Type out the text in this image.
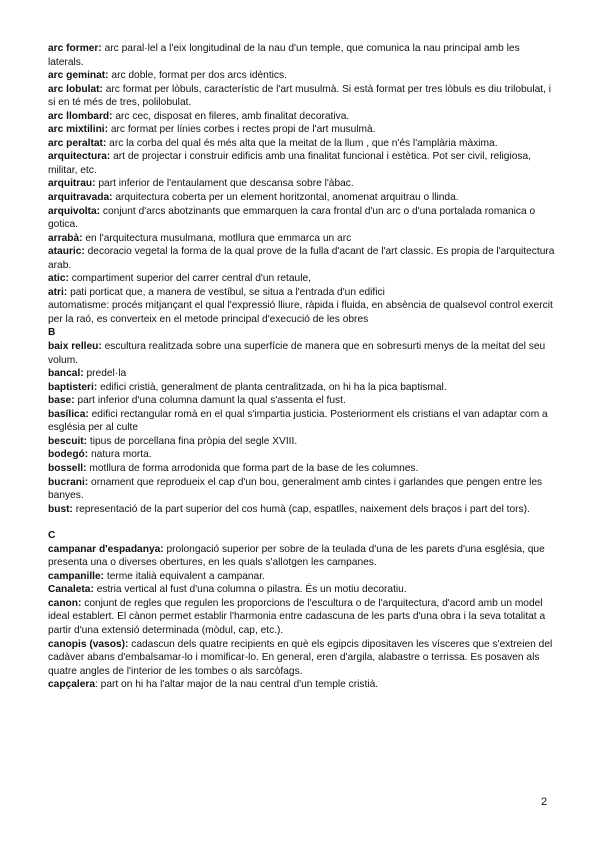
arc former: arc paral·lel a l'eix longitudinal de la nau d'un temple, que comunica la nau principal amb les laterals.

arc geminat: arc doble, format per dos arcs idèntics.

arc lobulat: arc format per lòbuls, característic de l'art musulmà. Si està format per tres lòbuls es diu trilobulat, i si en té més de tres, polilobulat.

arc llombard: arc cec, disposat en fileres, amb finalitat decorativa.

arc mixtilini: arc format per línies corbes i rectes propi de l'art musulmà.

arc peraltat: arc la corba del qual és més alta que la meitat de la llum , que n'és l'amplària màxima.

arquitectura: art de projectar i construir edificis amb una finalitat funcional i estètica. Pot ser civil, religiosa, militar, etc.

arquitrau: part inferior de l'entaulament que descansa sobre l'àbac.

arquitravada: arquitectura coberta per un element horitzontal, anomenat arquitrau o llinda.

arquivolta: conjunt d'arcs abotzinants que emmarquen la cara frontal d'un arc o d'una portalada romanica o gotica.

arrabà: en l'arquitectura musulmana, motllura que emmarca un arc

atauric: decoracio vegetal la forma de la qual prove de la fulla d'acant de l'art classic. Es propia de l'arquitectura arab.

atic: compartiment superior del carrer central d'un retaule,

atri: pati porticat que, a manera de vestíbul, se situa a l'entrada d'un edifici

automatisme: procés mitjançant el qual l'expressió lliure, ràpida i fluida, en absència de qualsevol control exercit per la raó, es converteix en el metode principal d'execució de les obres

B

baix relleu: escultura realitzada sobre una superfície de manera que en sobresurti menys de la meitat del seu volum.

bancal: predel·la

baptisteri: edifici cristià, generalment de planta centralitzada, on hi ha la pica baptismal.

base: part inferior d'una columna damunt la qual s'assenta el fust.

basílica: edifici rectangular romà en el qual s'impartia justicia. Posteriorment els cristians el van adaptar com a església per al culte

bescuit: tipus de porcellana fina pròpia del segle XVIII.

bodegó: natura morta.

bossell: motllura de forma arrodonida que forma part de la base de les columnes.

bucrani: ornament que reprodueix el cap d'un bou, generalment amb cintes i garlandes que pengen entre les banyes.

bust: representació de la part superior del cos humà (cap, espatlles, naixement dels braços i part del tors).

C

campanar d'espadanya: prolongació superior per sobre de la teulada d'una de les parets d'una església, que presenta una o diverses obertures, en les quals s'allotgen les campanes.

campanille: terme italià equivalent a campanar.

Canaleta: estria vertical al fust d'una columna o pilastra. És un motiu decoratiu.

canon: conjunt de regles que regulen les proporcions de l'escultura o de l'arquitectura, d'acord amb un model ideal establert. El cànon permet establir l'harmonia entre cadascuna de les parts d'una obra i la seva totalitat a partir d'una extensió determinada (mòdul, cap, etc.).

canopis (vasos): cadascun dels quatre recipients en què els egipcis dipositaven les vísceres que s'extreien del cadàver abans d'embalsamar-lo i momificar-lo. En general, eren d'argila, alabastre o terrissa. Es posaven als quatre angles de l'interior de les tombes o als sarcòfags.

capçalera: part on hi ha l'altar major de la nau central d'un temple cristià.

2
